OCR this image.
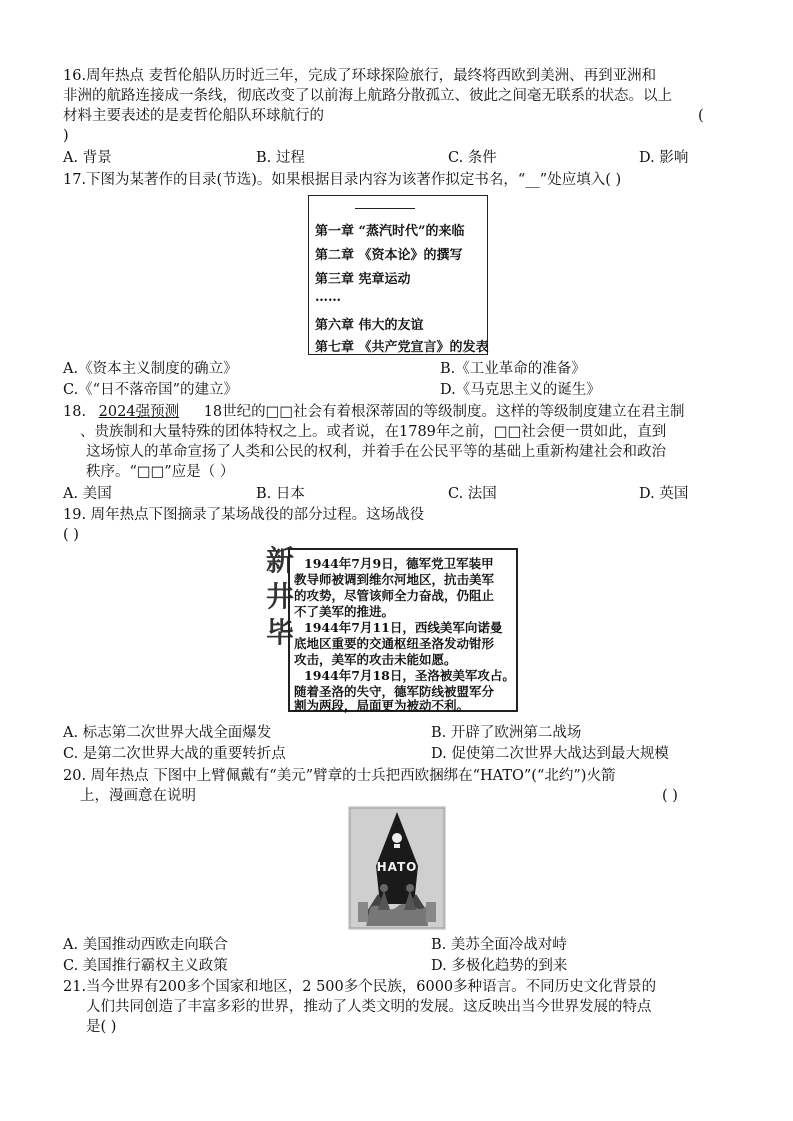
16.周年热点 麦哲伦船队历时近三年，完成了环球探险旅行，最终将西欧到美洲、再到亚洲和
非洲的航路连接成一条线，彻底改变了以前海上航路分散孤立、彼此之间毫无联系的状态。以上
材料主要表述的是麦哲伦船队环球航行的	(
)
A. 背景	B. 过程	C. 条件	D. 影响
17.下图为某著作的目录(节选)。如果根据目录内容为该著作拟定书名，“__”处应填入( )
第一章 “蒸汽时代”的来临
第二章 《资本论》的撰写
第三章 宪章运动
……
第六章 伟大的友谊
第七章 《共产党宣言》的发表
A.《资本主义制度的确立》	B.《工业革命的准备》
C.《“日不落帝国”的建立》	D.《马克思主义的诞生》
18. 2024强预测 18世纪的□□社会有着根深蒂固的等级制度。这样的等级制度建立在君主制
、贵族制和大量特殊的团体特权之上。或者说，在1789年之前，□□社会便一贯如此，直到
这场惊人的革命宣扬了人类和公民的权利，并着手在公民平等的基础上重新构建社会和政治
秩序。“□□”应是（ ）
A. 美国	B. 日本	C. 法国	D. 英国
19. 周年热点下图摘录了某场战役的部分过程。这场战役
( )
新
井
毕
1944年7月9日，德军党卫军装甲
教导师被调到维尔河地区，抗击美军
的攻势，尽管该师全力奋战，仍阻止
不了美军的推进。
1944年7月11日，西线美军向诺曼
底地区重要的交通枢纽圣洛发动钳形
攻击，美军的攻击未能如愿。
1944年7月18日，圣洛被美军攻占。
随着圣洛的失守，德军防线被盟军分
割为两段，局面更为被动不利。
A. 标志第二次世界大战全面爆发	B. 开辟了欧洲第二战场
C. 是第二次世界大战的重要转折点	D. 促使第二次世界大战达到最大规模
20. 周年热点 下图中上臂佩戴有“美元”臂章的士兵把西欧捆绑在“HATO”(“北约”)火箭
上，漫画意在说明	( )
HATO
A. 美国推动西欧走向联合	B. 美苏全面冷战对峙
C. 美国推行霸权主义政策	D. 多极化趋势的到来
21.当今世界有200多个国家和地区，2 500多个民族，6000多种语言。不同历史文化背景的
人们共同创造了丰富多彩的世界，推动了人类文明的发展。这反映出当今世界发展的特点
是( )
